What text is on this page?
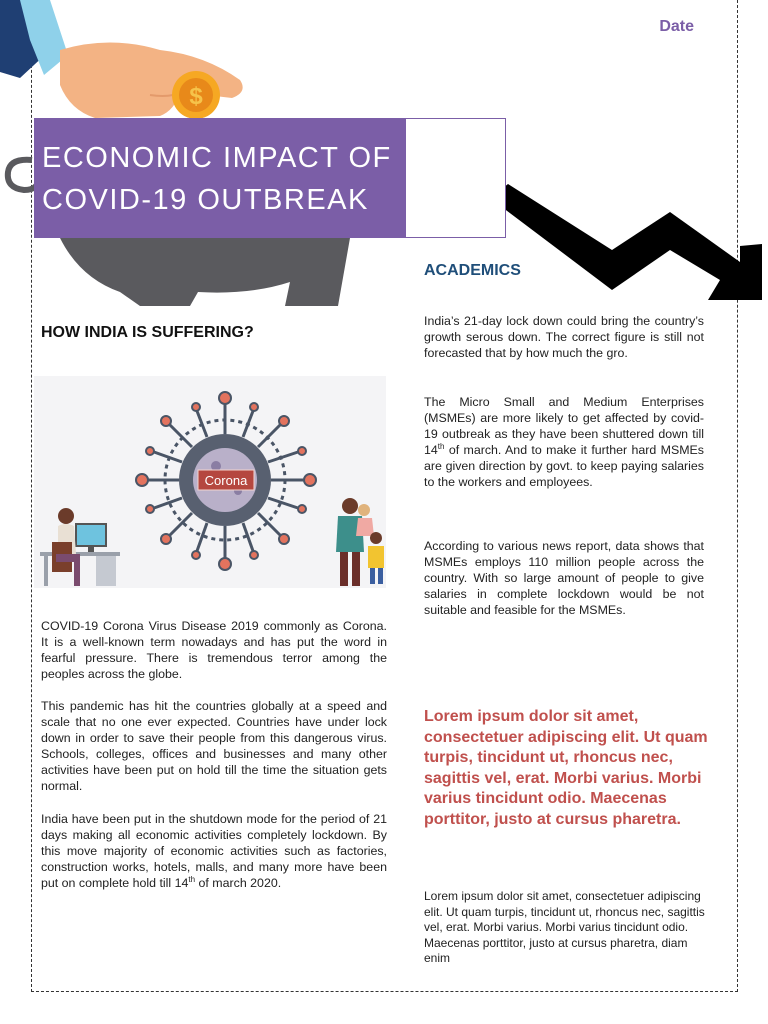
$
Date
ECONOMIC IMPACT OF
COVID-19 OUTBREAK
ACADEMICS
HOW INDIA IS SUFFERING?
Corona

COVID-19 Corona Virus Disease 2019 commonly as Corona. It is a well-known term nowadays and has put the word in fearful pressure. There is tremendous terror among the peoples across the globe.

This pandemic has hit the countries globally at a speed and scale that no one ever expected. Countries have under lock down in order to save their people from this dangerous virus. Schools, colleges, offices and businesses and many other activities have been put on hold till the time the situation gets normal.

India have been put in the shutdown mode for the period of 21 days making all economic activities completely lockdown. By this move majority of economic activities such as factories, construction works, hotels, malls, and many more have been put on complete hold till 14th of march 2020.

India’s 21-day lock down could bring the country’s growth serous down. The correct figure is still not forecasted that by how much the gro.

The Micro Small and Medium Enterprises (MSMEs) are more likely to get affected by covid-19 outbreak as they have been shuttered down till 14th of march. And to make it further hard MSMEs are given direction by govt. to keep paying salaries to the workers and employees.

According to various news report, data shows that MSMEs employs 110 million people across the country. With so large amount of people to give salaries in complete lockdown would be not suitable and feasible for the MSMEs.

Lorem ipsum dolor sit amet, consectetuer adipiscing elit. Ut quam turpis, tincidunt ut, rhoncus nec, sagittis vel, erat. Morbi varius. Morbi varius tincidunt odio. Maecenas porttitor, justo at cursus pharetra.
Lorem ipsum dolor sit amet, consectetuer adipiscing elit. Ut quam turpis, tincidunt ut, rhoncus nec, sagittis vel, erat. Morbi varius. Morbi varius tincidunt odio. Maecenas porttitor, justo at cursus pharetra, diam enim
